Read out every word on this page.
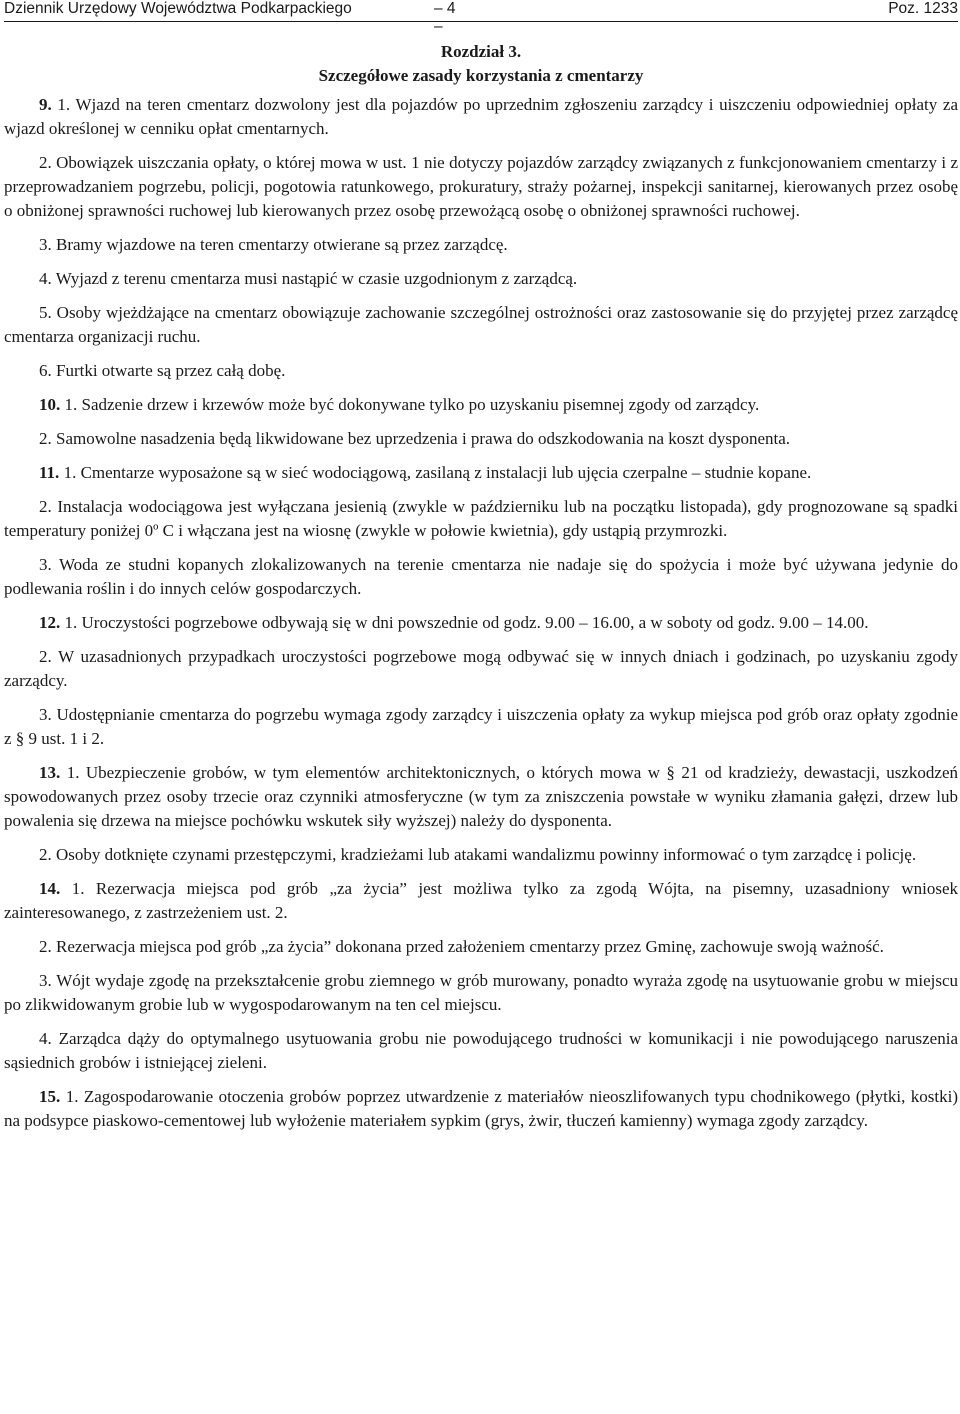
Dziennik Urzędowy Województwa Podkarpackiego	– 4 –
Poz. 1233
Rozdział 3.
Szczegółowe zasady korzystania z cmentarzy

9. 1. Wjazd na teren cmentarz dozwolony jest dla pojazdów po uprzednim zgłoszeniu zarządcy i uiszczeniu odpowiedniej opłaty za wjazd określonej w cenniku opłat cmentarnych.

2. Obowiązek uiszczania opłaty, o której mowa w ust. 1 nie dotyczy pojazdów zarządcy związanych z funkcjonowaniem cmentarzy i z przeprowadzaniem pogrzebu, policji, pogotowia ratunkowego, prokuratury, straży pożarnej, inspekcji sanitarnej, kierowanych przez osobę o obniżonej sprawności ruchowej lub kierowanych przez osobę przewożącą osobę o obniżonej sprawności ruchowej.

3. Bramy wjazdowe na teren cmentarzy otwierane są przez zarządcę.

4. Wyjazd z terenu cmentarza musi nastąpić w czasie uzgodnionym z zarządcą.

5. Osoby wjeżdżające na cmentarz obowiązuje zachowanie szczególnej ostrożności oraz zastosowanie się do przyjętej przez zarządcę cmentarza organizacji ruchu.

6. Furtki otwarte są przez całą dobę.

10. 1. Sadzenie drzew i krzewów może być dokonywane tylko po uzyskaniu pisemnej zgody od zarządcy.

2. Samowolne nasadzenia będą likwidowane bez uprzedzenia i prawa do odszkodowania na koszt dysponenta.

11. 1. Cmentarze wyposażone są w sieć wodociągową, zasilaną z instalacji lub ujęcia czerpalne – studnie kopane.

2. Instalacja wodociągowa jest wyłączana jesienią (zwykle w październiku lub na początku listopada), gdy prognozowane są spadki temperatury poniżej 0º C i włączana jest na wiosnę (zwykle w połowie kwietnia), gdy ustąpią przymrozki.

3. Woda ze studni kopanych zlokalizowanych na terenie cmentarza nie nadaje się do spożycia i może być używana jedynie do podlewania roślin i do innych celów gospodarczych.

12. 1. Uroczystości pogrzebowe odbywają się w dni powszednie od godz. 9.00 – 16.00, a w soboty od godz. 9.00 – 14.00.

2. W uzasadnionych przypadkach uroczystości pogrzebowe mogą odbywać się w innych dniach i godzinach, po uzyskaniu zgody zarządcy.

3. Udostępnianie cmentarza do pogrzebu wymaga zgody zarządcy i uiszczenia opłaty za wykup miejsca pod grób oraz opłaty zgodnie z § 9 ust. 1 i 2.

13. 1. Ubezpieczenie grobów, w tym elementów architektonicznych, o których mowa w § 21 od kradzieży, dewastacji, uszkodzeń spowodowanych przez osoby trzecie oraz czynniki atmosferyczne (w tym za zniszczenia powstałe w wyniku złamania gałęzi, drzew lub powalenia się drzewa na miejsce pochówku wskutek siły wyższej) należy do dysponenta.

2. Osoby dotknięte czynami przestępczymi, kradzieżami lub atakami wandalizmu powinny informować o tym zarządcę i policję.

14. 1. Rezerwacja miejsca pod grób „za życia” jest możliwa tylko za zgodą Wójta, na pisemny, uzasadniony wniosek zainteresowanego, z zastrzeżeniem ust. 2.

2. Rezerwacja miejsca pod grób „za życia” dokonana przed założeniem cmentarzy przez Gminę, zachowuje swoją ważność.

3. Wójt wydaje zgodę na przekształcenie grobu ziemnego w grób murowany, ponadto wyraża zgodę na usytuowanie grobu w miejscu po zlikwidowanym grobie lub w wygospodarowanym na ten cel miejscu.

4. Zarządca dąży do optymalnego usytuowania grobu nie powodującego trudności w komunikacji i nie powodującego naruszenia sąsiednich grobów i istniejącej zieleni.

15. 1. Zagospodarowanie otoczenia grobów poprzez utwardzenie z materiałów nieoszlifowanych typu chodnikowego (płytki, kostki) na podsypce piaskowo-cementowej lub wyłożenie materiałem sypkim (grys, żwir, tłuczeń kamienny) wymaga zgody zarządcy.
